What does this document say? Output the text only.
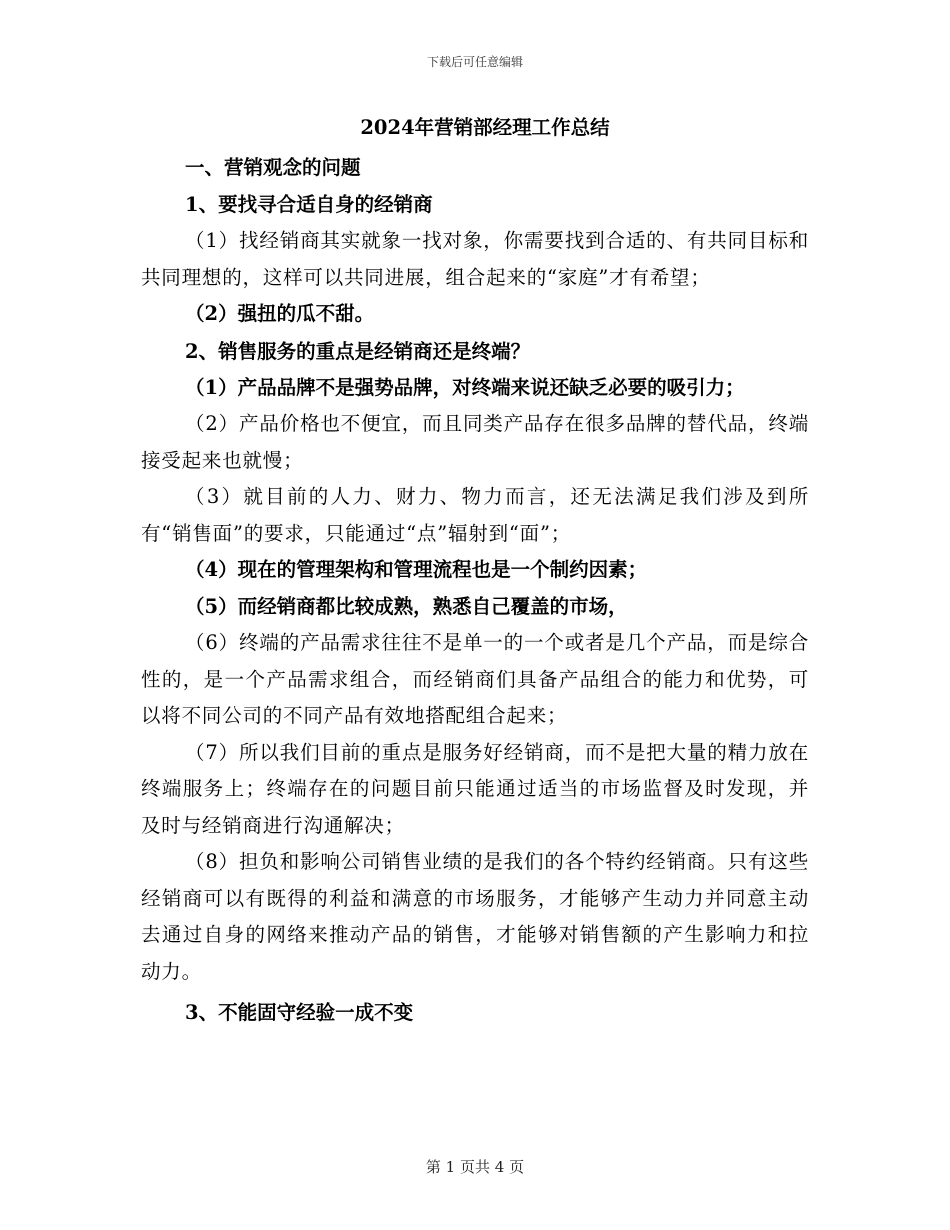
下载后可任意编辑
2024年营销部经理工作总结
一、营销观念的问题
1、要找寻合适自身的经销商

（1）找经销商其实就象一找对象，你需要找到合适的、有共同目标和共同理想的，这样可以共同进展，组合起来的“家庭”才有希望；

（2）强扭的瓜不甜。

2、销售服务的重点是经销商还是终端？

（1）产品品牌不是强势品牌，对终端来说还缺乏必要的吸引力；

（2）产品价格也不便宜，而且同类产品存在很多品牌的替代品，终端接受起来也就慢；

（3）就目前的人力、财力、物力而言，还无法满足我们涉及到所有“销售面”的要求，只能通过“点”辐射到“面”；

（4）现在的管理架构和管理流程也是一个制约因素；

（5）而经销商都比较成熟，熟悉自己覆盖的市场，

（6）终端的产品需求往往不是单一的一个或者是几个产品，而是综合性的，是一个产品需求组合，而经销商们具备产品组合的能力和优势，可以将不同公司的不同产品有效地搭配组合起来；

（7）所以我们目前的重点是服务好经销商，而不是把大量的精力放在终端服务上；终端存在的问题目前只能通过适当的市场监督及时发现，并及时与经销商进行沟通解决；

（8）担负和影响公司销售业绩的是我们的各个特约经销商。只有这些经销商可以有既得的利益和满意的市场服务，才能够产生动力并同意主动去通过自身的网络来推动产品的销售，才能够对销售额的产生影响力和拉动力。

3、不能固守经验一成不变
第 1 页共 4 页
